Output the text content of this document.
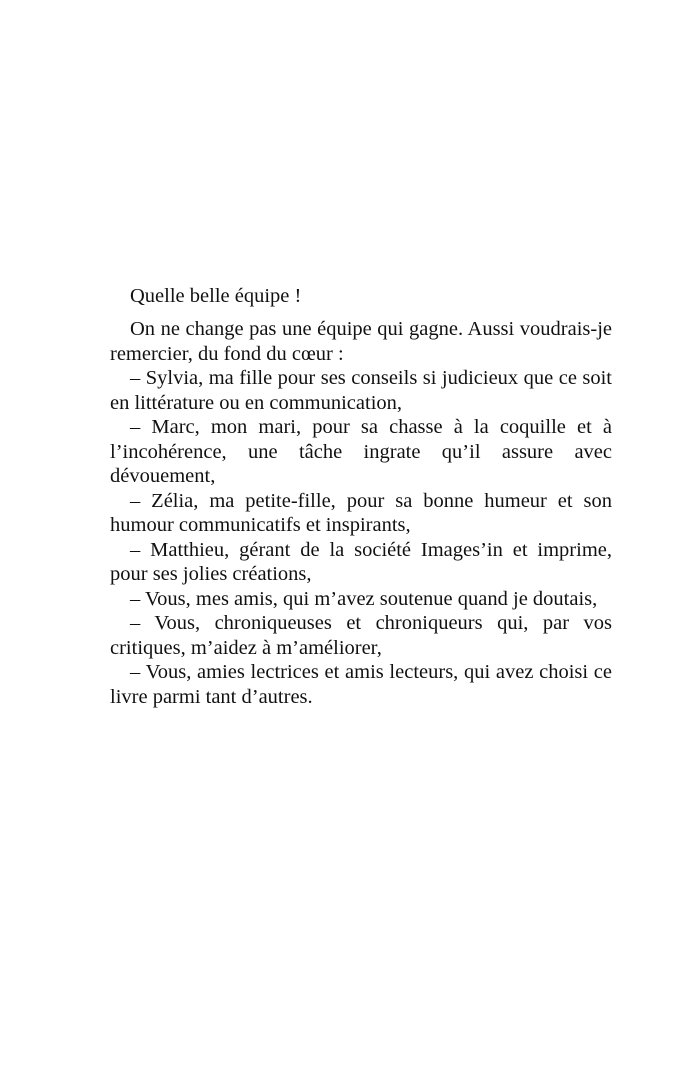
Quelle belle équipe !

On ne change pas une équipe qui gagne. Aussi voudrais-je remercier, du fond du cœur :

– Sylvia, ma fille pour ses conseils si judicieux que ce soit en littérature ou en communication,

– Marc, mon mari, pour sa chasse à la coquille et à l’incohérence, une tâche ingrate qu’il assure avec dévouement,

– Zélia, ma petite-fille, pour sa bonne humeur et son humour communicatifs et inspirants,

– Matthieu, gérant de la société Images’in et imprime, pour ses jolies créations,

– Vous, mes amis, qui m’avez soutenue quand je doutais,

– Vous, chroniqueuses et chroniqueurs qui, par vos critiques, m’aidez à m’améliorer,

– Vous, amies lectrices et amis lecteurs, qui avez choisi ce livre parmi tant d’autres.
